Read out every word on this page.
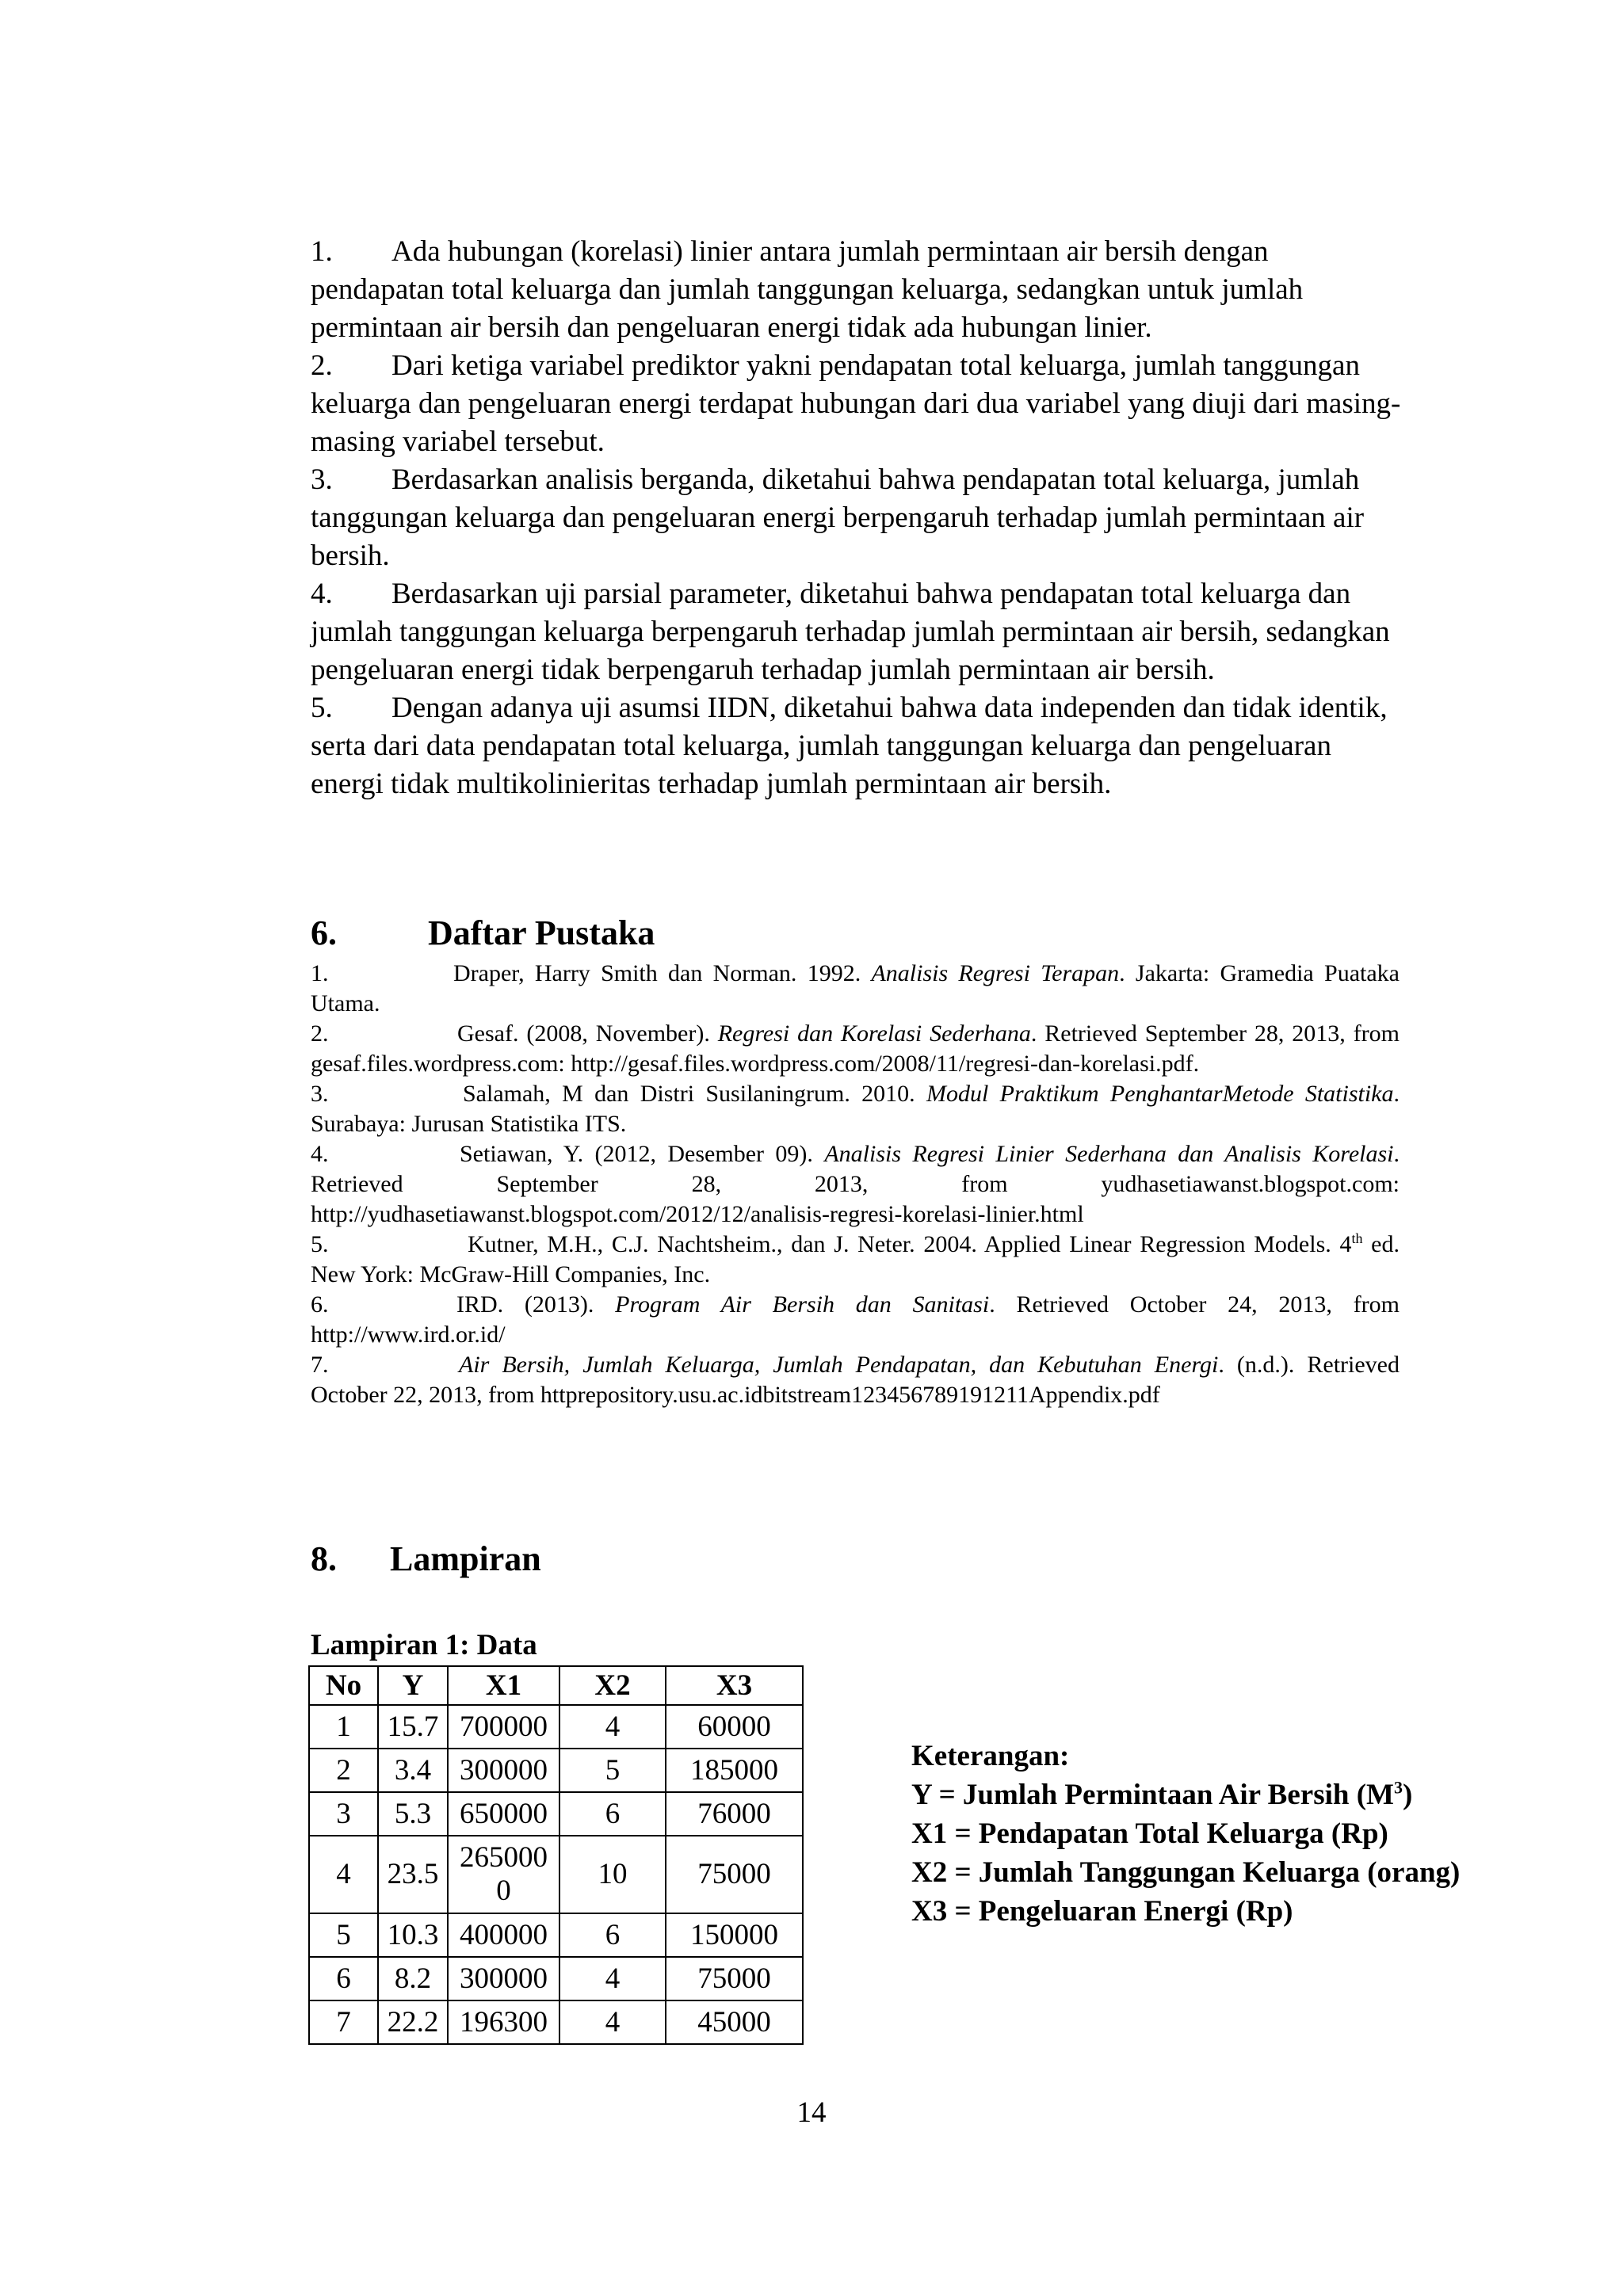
1. Ada hubungan (korelasi) linier antara jumlah permintaan air bersih dengan pendapatan total keluarga dan jumlah tanggungan keluarga, sedangkan untuk jumlah permintaan air bersih dan pengeluaran energi tidak ada hubungan linier.

2. Dari ketiga variabel prediktor yakni pendapatan total keluarga, jumlah tanggungan keluarga dan pengeluaran energi terdapat hubungan dari dua variabel yang diuji dari masing-masing variabel tersebut.

3. Berdasarkan analisis berganda, diketahui bahwa pendapatan total keluarga, jumlah tanggungan keluarga dan pengeluaran energi berpengaruh terhadap jumlah permintaan air bersih.

4. Berdasarkan uji parsial parameter, diketahui bahwa pendapatan total keluarga dan jumlah tanggungan keluarga berpengaruh terhadap jumlah permintaan air bersih, sedangkan pengeluaran energi tidak berpengaruh terhadap jumlah permintaan air bersih.

5. Dengan adanya uji asumsi IIDN, diketahui bahwa data independen dan tidak identik, serta dari data pendapatan total keluarga, jumlah tanggungan keluarga dan pengeluaran energi tidak multikolinieritas terhadap jumlah permintaan air bersih.

6.	Daftar Pustaka

1.	Draper, Harry Smith dan Norman. 1992. Analisis Regresi Terapan. Jakarta: Gramedia Puataka Utama.

2.	Gesaf. (2008, November). Regresi dan Korelasi Sederhana. Retrieved September 28, 2013, from gesaf.files.wordpress.com: http://gesaf.files.wordpress.com/2008/11/regresi-dan-korelasi.pdf.

3.	Salamah, M dan Distri Susilaningrum. 2010. Modul Praktikum PenghantarMetode Statistika. Surabaya: Jurusan Statistika ITS.

4.	Setiawan, Y. (2012, Desember 09). Analisis Regresi Linier Sederhana dan Analisis Korelasi. Retrieved September 28, 2013, from yudhasetiawanst.blogspot.com: http://yudhasetiawanst.blogspot.com/2012/12/analisis-regresi-korelasi-linier.html

5.	Kutner, M.H., C.J. Nachtsheim., dan J. Neter. 2004. Applied Linear Regression Models. 4th ed. New York: McGraw-Hill Companies, Inc.

6.	IRD. (2013). Program Air Bersih dan Sanitasi. Retrieved October 24, 2013, from http://www.ird.or.id/

7.	Air Bersih, Jumlah Keluarga, Jumlah Pendapatan, dan Kebutuhan Energi. (n.d.). Retrieved October 22, 2013, from httprepository.usu.ac.idbitstream123456789191211Appendix.pdf

8. Lampiran

Lampiran 1: Data

No	Y	X1	X2	X3
1	15.7	700000	4	60000
2	3.4	300000	5	185000
3	5.3	650000	6	76000
4	23.5	265000 0	10	75000
5	10.3	400000	6	150000
6	8.2	300000	4	75000
7	22.2	196300	4	45000

Keterangan:

Y = Jumlah Permintaan Air Bersih $(M^3)$

X1 = Pendapatan Total Keluarga (Rp)

X2 = Jumlah Tanggungan Keluarga (orang)

X3 = Pengeluaran Energi (Rp)

14
